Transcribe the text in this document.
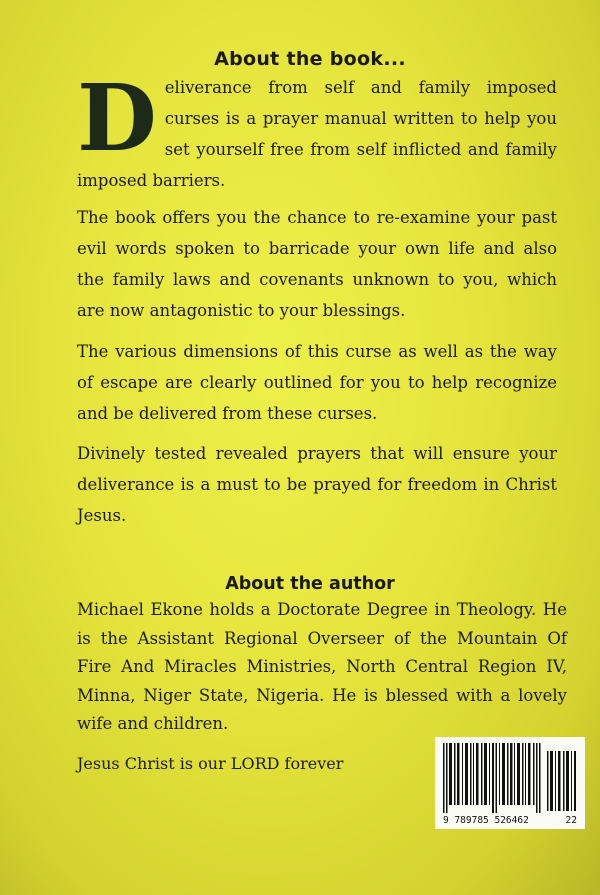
About the book...
D eliverance from self and family imposed curses is a prayer manual written to help you set yourself free from self inflicted and family imposed barriers.
The book offers you the chance to re-examine your past evil words spoken to barricade your own life and also the family laws and covenants unknown to you, which are now antagonistic to your blessings.
The various dimensions of this curse as well as the way of escape are clearly outlined for you to help recognize and be delivered from these curses.
Divinely tested revealed prayers that will ensure your deliverance is a must to be prayed for freedom in Christ Jesus.
About the author
Michael Ekone holds a Doctorate Degree in Theology. He is the Assistant Regional Overseer of the Mountain Of Fire And Miracles Ministries, North Central Region IV, Minna, Niger State, Nigeria. He is blessed with a lovely wife and children.
Jesus Christ is our LORD forever
9 789785 526462	22
